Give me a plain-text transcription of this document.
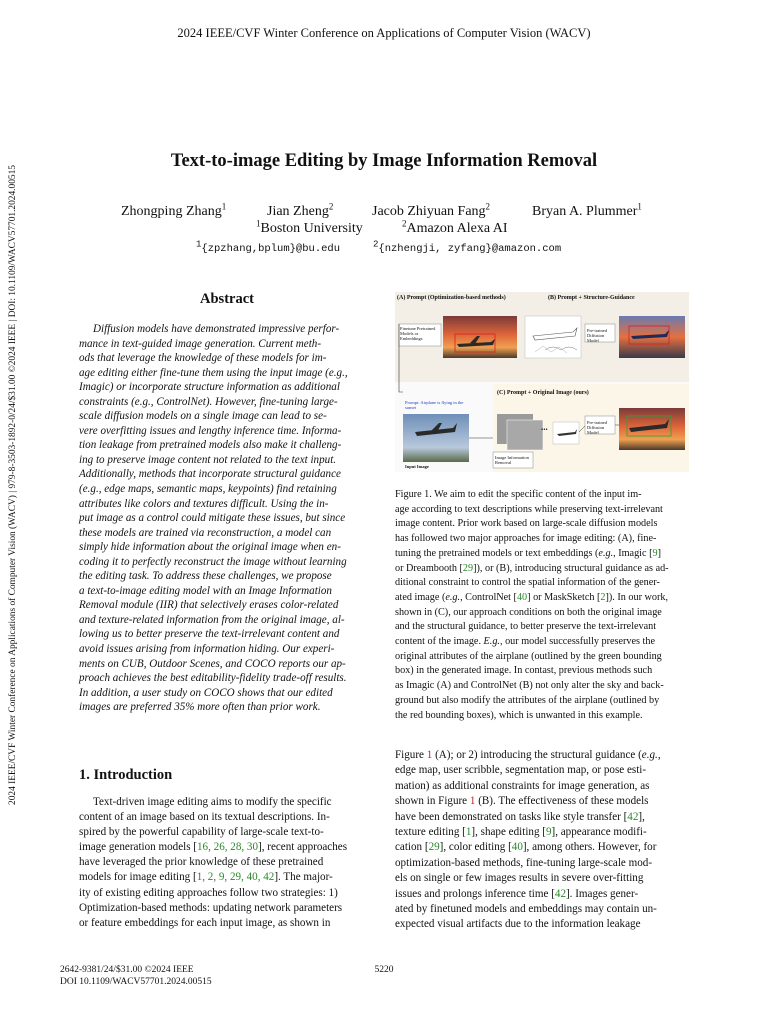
2024 IEEE/CVF Winter Conference on Applications of Computer Vision (WACV)
2024 IEEE/CVF Winter Conference on Applications of Computer Vision (WACV) | 979-8-3503-1892-0/24/$31.00 ©2024 IEEE | DOI: 10.1109/WACV57701.2024.00515
Text-to-image Editing by Image Information Removal
Zhongping Zhang$^1$	Jian Zheng$^2$	Jacob Zhiyuan Fang$^2$	Bryan A. Plummer$^1$
$^1$Boston University	$^2$Amazon Alexa AI
$^1${zpzhang,bplum}@bu.edu	$^2${nzhengji, zyfang}@amazon.com
Abstract
Diffusion models have demonstrated impressive perfor-
mance in text-guided image generation. Current meth-
ods that leverage the knowledge of these models for im-
age editing either fine-tune them using the input image (e.g.,
Imagic) or incorporate structure information as additional
constraints (e.g., ControlNet). However, fine-tuning large-
scale diffusion models on a single image can lead to se-
vere overfitting issues and lengthy inference time. Informa-
tion leakage from pretrained models also make it challeng-
ing to preserve image content not related to the text input.
Additionally, methods that incorporate structural guidance
(e.g., edge maps, semantic maps, keypoints) find retaining
attributes like colors and textures difficult. Using the in-
put image as a control could mitigate these issues, but since
these models are trained via reconstruction, a model can
simply hide information about the original image when en-
coding it to perfectly reconstruct the image without learning
the editing task. To address these challenges, we propose
a text-to-image editing model with an Image Information
Removal module (IIR) that selectively erases color-related
and texture-related information from the original image, al-
lowing us to better preserve the text-irrelevant content and
avoid issues arising from information hiding. Our experi-
ments on CUB, Outdoor Scenes, and COCO reports our ap-
proach achieves the best editability-fidelity trade-off results.
In addition, a user study on COCO shows that our edited
images are preferred 35% more often than prior work.
1. Introduction
Text-driven image editing aims to modify the specific
content of an image based on its textual descriptions. In-
spired by the powerful capability of large-scale text-to-
image generation models [16, 26, 28, 30], recent approaches
have leveraged the prior knowledge of these pretrained
models for image editing [1, 2, 9, 29, 40, 42]. The major-
ity of existing editing approaches follow two strategies: 1)
Optimization-based methods: updating network parameters
or feature embeddings for each input image, as shown in
(A) Prompt (Optimization-based methods)	(B) Prompt + Structure-Guidance
(C) Prompt + Original Image (ours)
Finetune Pretrained Models or Embeddings
Pre-trained Diffusion Model
Pre-trained Diffusion Model
Prompt: Airplane is flying in the sunset
Input Image
Image Information Removal
...
Figure 1. We aim to edit the specific content of the input im-
age according to text descriptions while preserving text-irrelevant
image content. Prior work based on large-scale diffusion models
has followed two major approaches for image editing: (A), fine-
tuning the pretrained models or text embeddings (e.g., Imagic [9]
or Dreambooth [29]), or (B), introducing structural guidance as ad-
ditional constraint to control the spatial information of the gener-
ated image (e.g., ControlNet [40] or MaskSketch [2]). In our work,
shown in (C), our approach conditions on both the original image
and the structural guidance, to better preserve the text-irrelevant
content of the image. E.g., our model successfully preserves the
original attributes of the airplane (outlined by the green bounding
box) in the generated image. In contast, previous methods such
as Imagic (A) and ControlNet (B) not only alter the sky and back-
ground but also modify the attributes of the airplane (outlined by
the red bounding boxes), which is unwanted in this example.
Figure 1 (A); or 2) introducing the structural guidance (e.g.,
edge map, user scribble, segmentation map, or pose esti-
mation) as additional constraints for image generation, as
shown in Figure 1 (B). The effectiveness of these models
have been demonstrated on tasks like style transfer [42],
texture editing [1], shape editing [9], appearance modifi-
cation [29], color editing [40], among others. However, for
optimization-based methods, fine-tuning large-scale mod-
els on single or few images results in severe over-fitting
issues and prolongs inference time [42]. Images gener-
ated by finetuned models and embeddings may contain un-
expected visual artifacts due to the information leakage
2642-9381/24/$31.00 ©2024 IEEE
DOI 10.1109/WACV57701.2024.00515
5220
